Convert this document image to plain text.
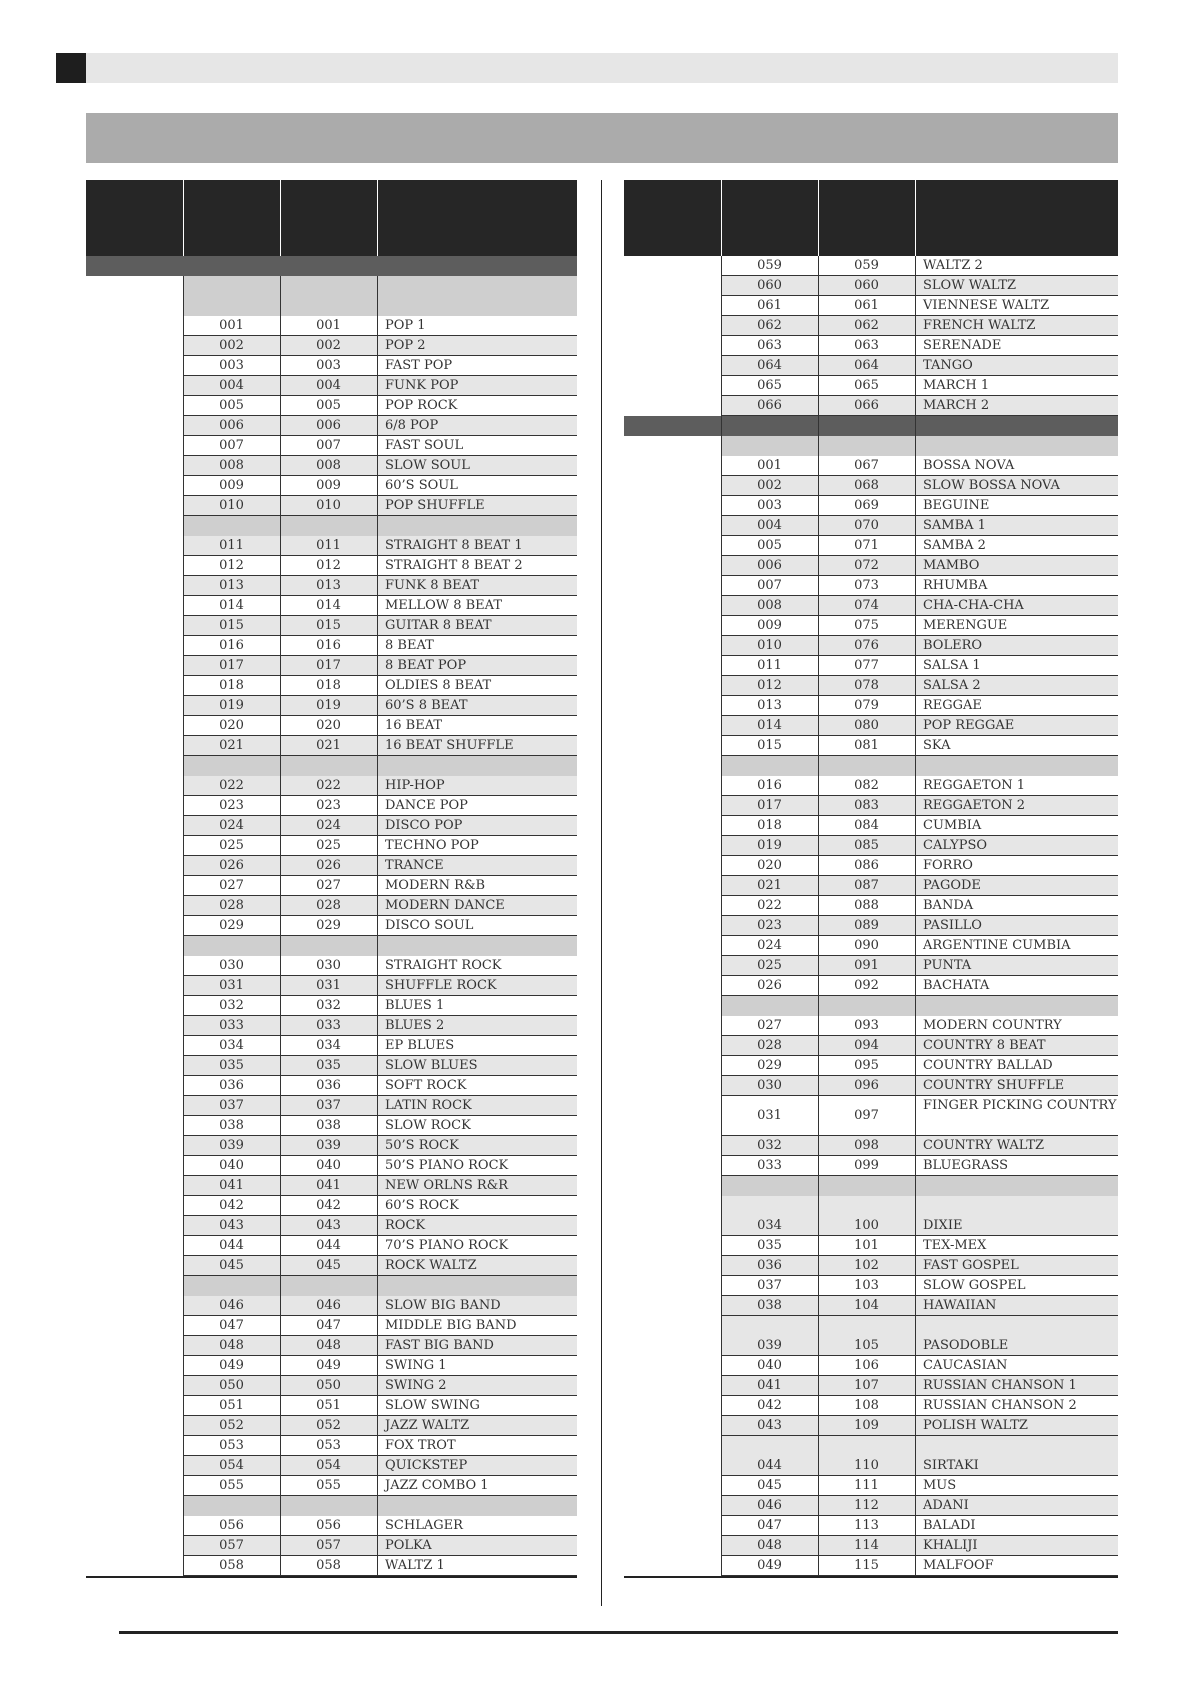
001	001	POP 1
002	002	POP 2
003	003	FAST POP
004	004	FUNK POP
005	005	POP ROCK
006	006	6/8 POP
007	007	FAST SOUL
008	008	SLOW SOUL
009	009	60’S SOUL
010	010	POP SHUFFLE
011	011	STRAIGHT 8 BEAT 1
012	012	STRAIGHT 8 BEAT 2
013	013	FUNK 8 BEAT
014	014	MELLOW 8 BEAT
015	015	GUITAR 8 BEAT
016	016	8 BEAT
017	017	8 BEAT POP
018	018	OLDIES 8 BEAT
019	019	60’S 8 BEAT
020	020	16 BEAT
021	021	16 BEAT SHUFFLE
022	022	HIP-HOP
023	023	DANCE POP
024	024	DISCO POP
025	025	TECHNO POP
026	026	TRANCE
027	027	MODERN R&B
028	028	MODERN DANCE
029	029	DISCO SOUL
030	030	STRAIGHT ROCK
031	031	SHUFFLE ROCK
032	032	BLUES 1
033	033	BLUES 2
034	034	EP BLUES
035	035	SLOW BLUES
036	036	SOFT ROCK
037	037	LATIN ROCK
038	038	SLOW ROCK
039	039	50’S ROCK
040	040	50’S PIANO ROCK
041	041	NEW ORLNS R&R
042	042	60’S ROCK
043	043	ROCK
044	044	70’S PIANO ROCK
045	045	ROCK WALTZ
046	046	SLOW BIG BAND
047	047	MIDDLE BIG BAND
048	048	FAST BIG BAND
049	049	SWING 1
050	050	SWING 2
051	051	SLOW SWING
052	052	JAZZ WALTZ
053	053	FOX TROT
054	054	QUICKSTEP
055	055	JAZZ COMBO 1
056	056	SCHLAGER
057	057	POLKA
058	058	WALTZ 1
059	059	WALTZ 2
060	060	SLOW WALTZ
061	061	VIENNESE WALTZ
062	062	FRENCH WALTZ
063	063	SERENADE
064	064	TANGO
065	065	MARCH 1
066	066	MARCH 2
001	067	BOSSA NOVA
002	068	SLOW BOSSA NOVA
003	069	BEGUINE
004	070	SAMBA 1
005	071	SAMBA 2
006	072	MAMBO
007	073	RHUMBA
008	074	CHA-CHA-CHA
009	075	MERENGUE
010	076	BOLERO
011	077	SALSA 1
012	078	SALSA 2
013	079	REGGAE
014	080	POP REGGAE
015	081	SKA
016	082	REGGAETON 1
017	083	REGGAETON 2
018	084	CUMBIA
019	085	CALYPSO
020	086	FORRO
021	087	PAGODE
022	088	BANDA
023	089	PASILLO
024	090	ARGENTINE CUMBIA
025	091	PUNTA
026	092	BACHATA
027	093	MODERN COUNTRY
028	094	COUNTRY 8 BEAT
029	095	COUNTRY BALLAD
030	096	COUNTRY SHUFFLE
031	097
FINGER PICKING COUNTRY
032	098	COUNTRY WALTZ
033	099	BLUEGRASS
034	100	DIXIE
035	101	TEX-MEX
036	102	FAST GOSPEL
037	103	SLOW GOSPEL
038	104	HAWAIIAN
039	105	PASODOBLE
040	106	CAUCASIAN
041	107	RUSSIAN CHANSON 1
042	108	RUSSIAN CHANSON 2
043	109	POLISH WALTZ
044	110	SIRTAKI
045	111	MUS
046	112	ADANI
047	113	BALADI
048	114	KHALIJI
049	115	MALFOOF
